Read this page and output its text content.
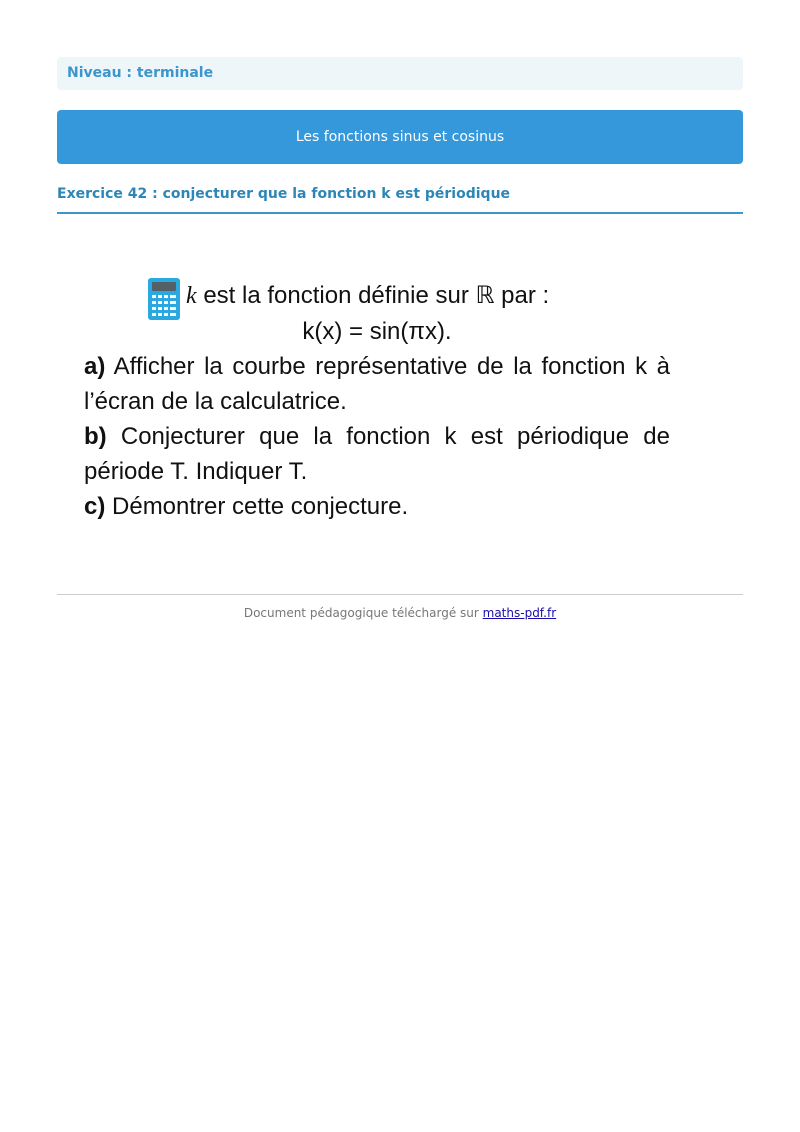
Niveau : terminale
Les fonctions sinus et cosinus
Exercice 42 : conjecturer que la fonction k est périodique
k est la fonction définie sur ℝ par :
k(x) = sin(πx).
a) Afficher la courbe représentative de la fonction k à l’écran de la calculatrice.
b) Conjecturer que la fonction k est périodique de période T. Indiquer T.
c) Démontrer cette conjecture.
Document pédagogique téléchargé sur maths-pdf.fr
